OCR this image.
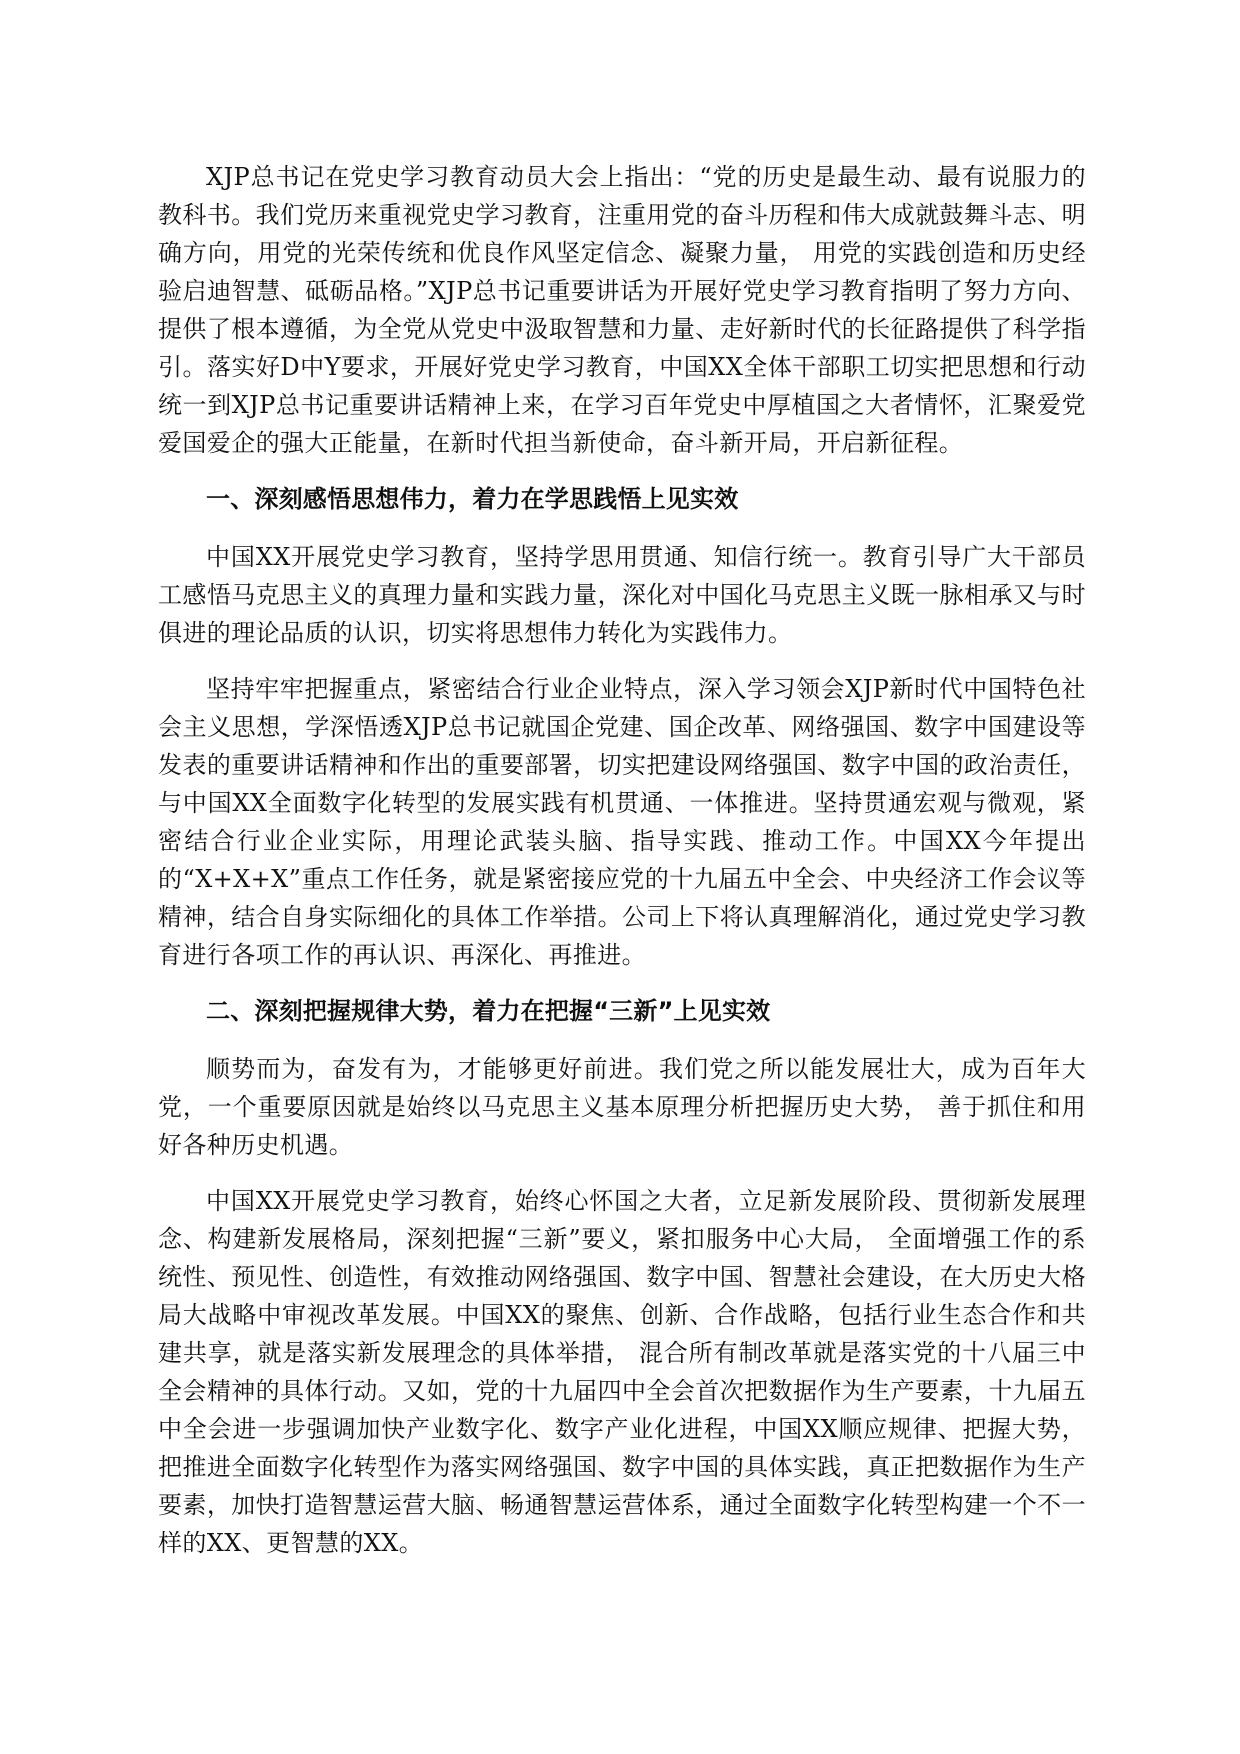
XJP总书记在党史学习教育动员大会上指出：“党的历史是最生动、最有说服力的教科书。我们党历来重视党史学习教育，注重用党的奋斗历程和伟大成就鼓舞斗志、明确方向，用党的光荣传统和优良作风坚定信念、凝聚力量， 用党的实践创造和历史经验启迪智慧、砥砺品格。”XJP总书记重要讲话为开展好党史学习教育指明了努力方向、提供了根本遵循，为全党从党史中汲取智慧和力量、走好新时代的长征路提供了科学指引。落实好D中Y要求，开展好党史学习教育，中国XX全体干部职工切实把思想和行动统一到XJP总书记重要讲话精神上来，在学习百年党史中厚植国之大者情怀，汇聚爱党爱国爱企的强大正能量，在新时代担当新使命，奋斗新开局，开启新征程。

一、深刻感悟思想伟力，着力在学思践悟上见实效

中国XX开展党史学习教育，坚持学思用贯通、知信行统一。教育引导广大干部员工感悟马克思主义的真理力量和实践力量，深化对中国化马克思主义既一脉相承又与时俱进的理论品质的认识，切实将思想伟力转化为实践伟力。

坚持牢牢把握重点，紧密结合行业企业特点，深入学习领会XJP新时代中国特色社会主义思想，学深悟透XJP总书记就国企党建、国企改革、网络强国、数字中国建设等发表的重要讲话精神和作出的重要部署，切实把建设网络强国、数字中国的政治责任，与中国XX全面数字化转型的发展实践有机贯通、一体推进。坚持贯通宏观与微观，紧密结合行业企业实际，用理论武装头脑、指导实践、推动工作。中国XX今年提出的“X+X+X”重点工作任务，就是紧密接应党的十九届五中全会、中央经济工作会议等精神，结合自身实际细化的具体工作举措。公司上下将认真理解消化，通过党史学习教育进行各项工作的再认识、再深化、再推进。

二、深刻把握规律大势，着力在把握“三新”上见实效

顺势而为，奋发有为，才能够更好前进。我们党之所以能发展壮大，成为百年大党，一个重要原因就是始终以马克思主义基本原理分析把握历史大势， 善于抓住和用好各种历史机遇。

中国XX开展党史学习教育，始终心怀国之大者，立足新发展阶段、贯彻新发展理念、构建新发展格局，深刻把握“三新”要义，紧扣服务中心大局， 全面增强工作的系统性、预见性、创造性，有效推动网络强国、数字中国、智慧社会建设，在大历史大格局大战略中审视改革发展。中国XX的聚焦、创新、合作战略，包括行业生态合作和共建共享，就是落实新发展理念的具体举措， 混合所有制改革就是落实党的十八届三中全会精神的具体行动。又如，党的十九届四中全会首次把数据作为生产要素，十九届五中全会进一步强调加快产业数字化、数字产业化进程，中国XX顺应规律、把握大势，把推进全面数字化转型作为落实网络强国、数字中国的具体实践，真正把数据作为生产要素，加快打造智慧运营大脑、畅通智慧运营体系，通过全面数字化转型构建一个不一样的XX、更智慧的XX。
